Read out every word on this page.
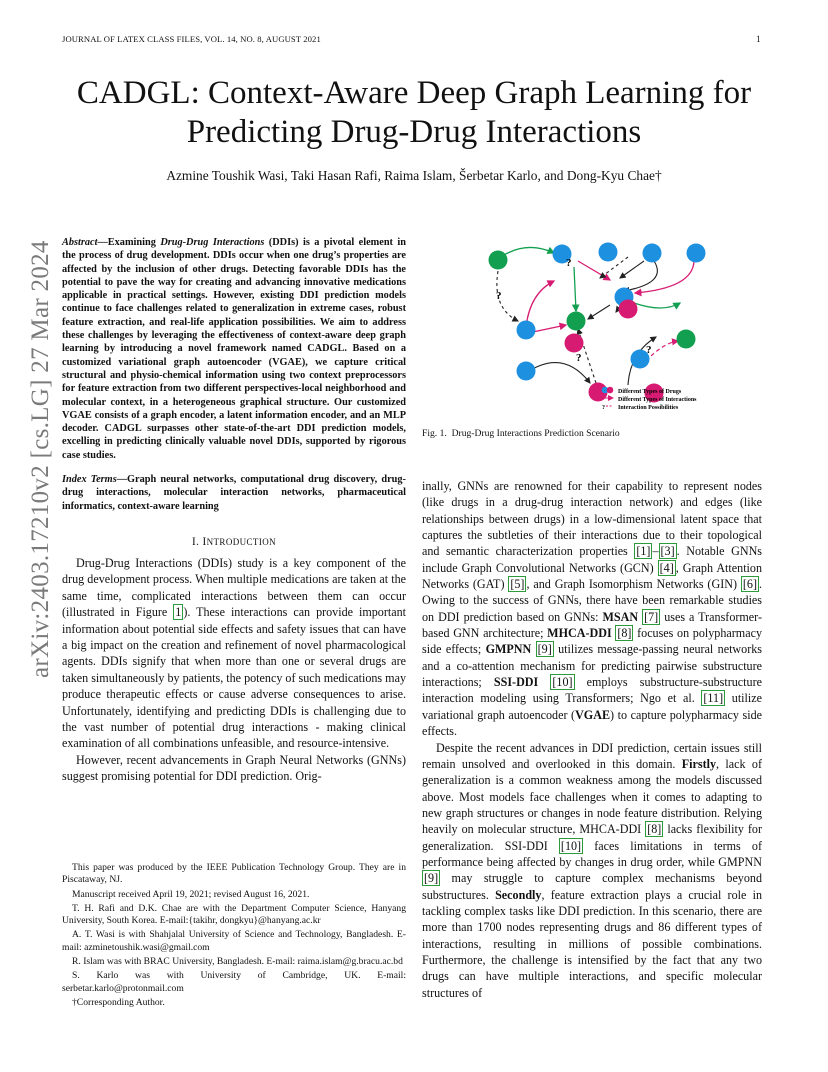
JOURNAL OF LATEX CLASS FILES, VOL. 14, NO. 8, AUGUST 2021	1
arXiv:2403.17210v2 [cs.LG] 27 Mar 2024
CADGL: Context-Aware Deep Graph Learning for
Predicting Drug-Drug Interactions
Azmine Toushik Wasi, Taki Hasan Rafi, Raima Islam, Šerbetar Karlo, and Dong-Kyu Chae†

Abstract—Examining Drug-Drug Interactions (DDIs) is a pivotal element in the process of drug development. DDIs occur when one drug’s properties are affected by the inclusion of other drugs. Detecting favorable DDIs has the potential to pave the way for creating and advancing innovative medications applicable in practical settings. However, existing DDI prediction models continue to face challenges related to generalization in extreme cases, robust feature extraction, and real-life application possibilities. We aim to address these challenges by leveraging the effectiveness of context-aware deep graph learning by introducing a novel framework named CADGL. Based on a customized variational graph autoencoder (VGAE), we capture critical structural and physio-chemical information using two context preprocessors for feature extraction from two different perspectives-local neighborhood and molecular context, in a heterogeneous graphical structure. Our customized VGAE consists of a graph encoder, a latent information encoder, and an MLP decoder. CADGL surpasses other state-of-the-art DDI prediction models, excelling in predicting clinically valuable novel DDIs, supported by rigorous case studies.

Index Terms—Graph neural networks, computational drug discovery, drug-drug interactions, molecular interaction networks, pharmaceutical informatics, context-aware learning

I. INTRODUCTION

Drug-Drug Interactions (DDIs) study is a key component of the drug development process. When multiple medications are taken at the same time, complicated interactions between them can occur (illustrated in Figure 1 ). These interactions can provide important information about potential side effects and safety issues that can have a big impact on the creation and refinement of novel pharmacological agents. DDIs signify that when more than one or several drugs are taken simultaneously by patients, the potency of such medications may produce therapeutic effects or cause adverse consequences to arise. Unfortunately, identifying and predicting DDIs is challenging due to the vast number of potential drug interactions - making clinical examination of all combinations unfeasible, and resource-intensive.

However, recent advancements in Graph Neural Networks (GNNs) suggest promising potential for DDI prediction. Orig-

This paper was produced by the IEEE Publication Technology Group. They are in Piscataway, NJ.

Manuscript received April 19, 2021; revised August 16, 2021.

T. H. Rafi and D.K. Chae are with the Department Computer Science, Hanyang University, South Korea. E-mail:{takihr, dongkyu}@hanyang.ac.kr

A. T. Wasi is with Shahjalal University of Science and Technology, Bangladesh. E-mail: azminetoushik.wasi@gmail.com

R. Islam was with BRAC University, Bangladesh. E-mail: raima.islam@g.bracu.ac.bd

S. Karlo was with University of Cambridge, UK. E-mail: serbetar.karlo@protonmail.com

†Corresponding Author.

?
?
?
?
Different Types of Drugs
Different Types of Interactions
? Interaction Possibilities
Fig. 1. Drug-Drug Interactions Prediction Scenario

inally, GNNs are renowned for their capability to represent nodes (like drugs in a drug-drug interaction network) and edges (like relationships between drugs) in a low-dimensional latent space that captures the subtleties of their interactions due to their topological and semantic characterization properties [1] – [3] . Notable GNNs include Graph Convolutional Networks (GCN) [4] , Graph Attention Networks (GAT) [5] , and Graph Isomorphism Networks (GIN) [6] . Owing to the success of GNNs, there have been remarkable studies on DDI prediction based on GNNs: MSAN [7] uses a Transformer-based GNN architecture; MHCA-DDI [8] focuses on polypharmacy side effects; GMPNN [9] utilizes message-passing neural networks and a co-attention mechanism for predicting pairwise substructure interactions; SSI-DDI [10] employs substructure-substructure interaction modeling using Transformers; Ngo et al. [11] utilize variational graph autoencoder (VGAE) to capture polypharmacy side effects.

Despite the recent advances in DDI prediction, certain issues still remain unsolved and overlooked in this domain. Firstly, lack of generalization is a common weakness among the models discussed above. Most models face challenges when it comes to adapting to new graph structures or changes in node feature distribution. Relying heavily on molecular structure, MHCA-DDI [8] lacks flexibility for generalization. SSI-DDI [10] faces limitations in terms of performance being affected by changes in drug order, while GMPNN [9] may struggle to capture complex mechanisms beyond substructures. Secondly, feature extraction plays a crucial role in tackling complex tasks like DDI prediction. In this scenario, there are more than 1700 nodes representing drugs and 86 different types of interactions, resulting in millions of possible combinations. Furthermore, the challenge is intensified by the fact that any two drugs can have multiple interactions, and specific molecular structures of
